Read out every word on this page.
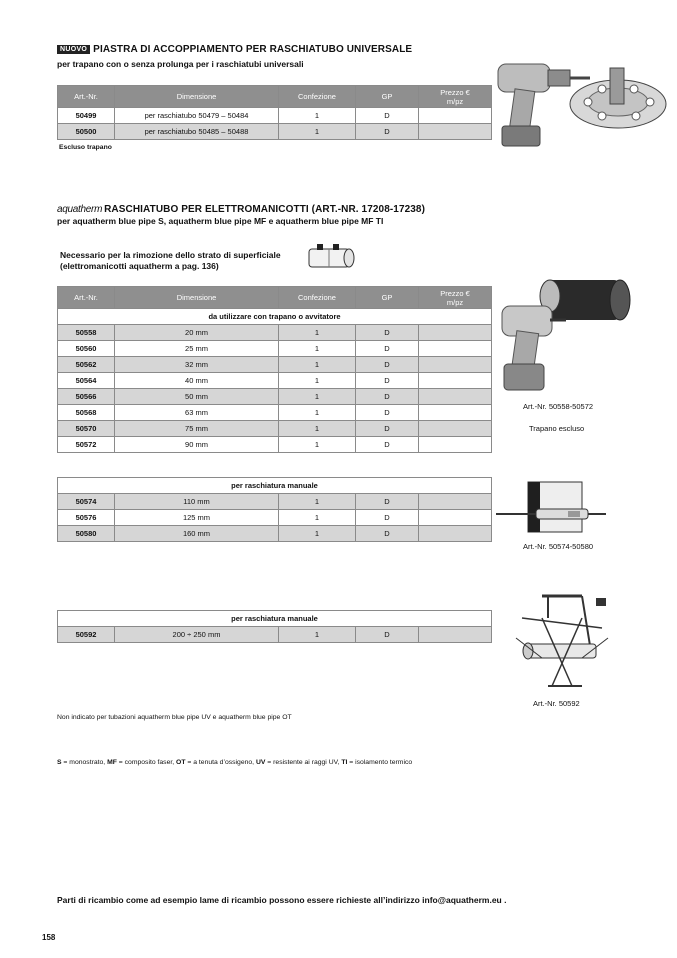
NUOVO PIASTRA DI ACCOPPIAMENTO PER RASCHIATUBO UNIVERSALE
per trapano con o senza prolunga per i raschiatubi universali
Art.-Nr.	Dimensione	Confezione	GP	Prezzo €
m/pz
50499	per raschiatubo 50479 – 50484	1	D	
50500	per raschiatubo 50485 – 50488	1	D	
Escluso trapano
aquatherm RASCHIATUBO PER ELETTROMANICOTTI (ART.-NR. 17208-17238)
per aquatherm blue pipe S, aquatherm blue pipe MF e aquatherm blue pipe MF TI
Necessario per la rimozione dello strato di superficiale
(elettromanicotti aquatherm a pag. 136)
Art.-Nr.	Dimensione	Confezione	GP	Prezzo €
m/pz
da utilizzare con trapano o avvitatore				
50558	20 mm	1	D	
50560	25 mm	1	D	
50562	32 mm	1	D	
50564	40 mm	1	D	
50566	50 mm	1	D	
50568	63 mm	1	D	
50570	75 mm	1	D	
50572	90 mm	1	D	
Art.-Nr. 50558-50572
Trapano escluso
per raschiatura manuale				
50574	110 mm	1	D	
50576	125 mm	1	D	
50580	160 mm	1	D	
Art.-Nr. 50574-50580
per raschiatura manuale
50592	200 ÷ 250 mm	1	D	
Art.-Nr. 50592
Non indicato per tubazioni aquatherm blue pipe UV e aquatherm blue pipe OT
S = monostrato, MF = composito faser, OT = a tenuta d’ossigeno, UV = resistente ai raggi UV, TI = isolamento termico
Parti di ricambio come ad esempio lame di ricambio possono essere richieste all’indirizzo info@aquatherm.eu .
158
